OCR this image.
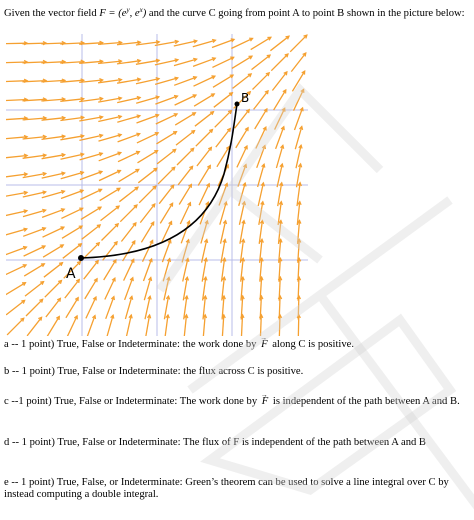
Given the vector field $F = (e^y$, $e^x$) and the curve C going from point A to point B shown in the picture below:
A
B
a -- 1 point) True, False or Indeterminate: the work done by → F along C is positive.
b -- 1 point) True, False or Indeterminate: the flux across C is positive.
c --1 point) True, False or Indeterminate: The work done by → F is independent of the path between A and B.
d -- 1 point) True, False or Indeterminate: The flux of F is independent of the path between A and B
e -- 1 point) True, False, or Indeterminate: Green’s theorem can be used to solve a line integral over C by instead computing a double integral.
